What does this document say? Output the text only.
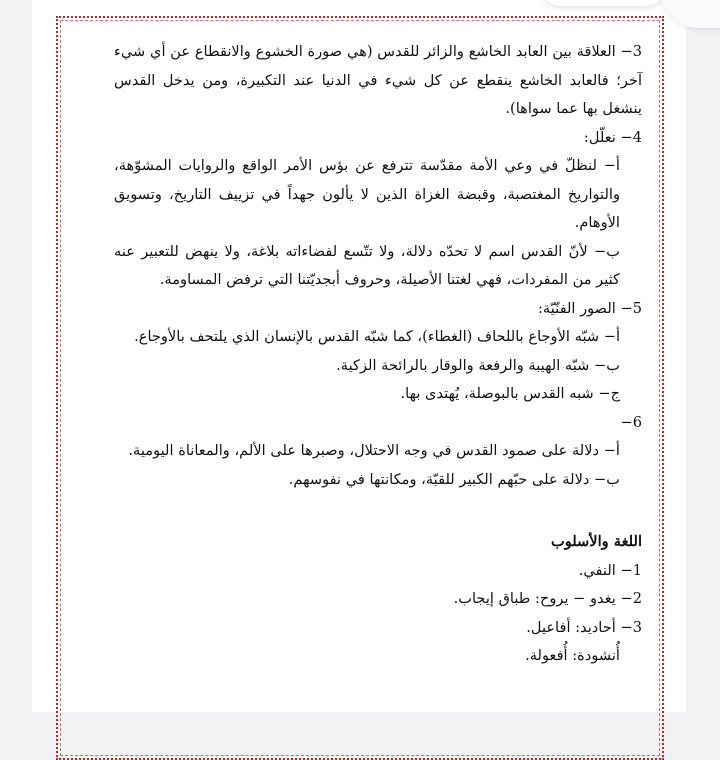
3− العلاقة بين العابد الخاشع والزائر للقدس (هي صورة الخشوع والانقطاع عن أي شيء آخر؛ فالعابد الخاشع ينقطع عن كل شيء في الدنيا عند التكبيرة، ومن يدخل القدس ينشغل بها عما سواها).

4− نعلّل:

أ− لنظلّ في وعي الأمة مقدّسة تترفع عن بؤس الأمر الواقع والروايات المشوّهة، والتواريخ المغتصبة، وقبضة الغزاة الذين لا يألون جهداً في تزييف التاريخ، وتسويق الأوهام.

ب− لأنّ القدس اسم لا تحدّه دلالة، ولا تتّسع لفضاءاته بلاغة، ولا ينهض للتعبير عنه كثير من المفردات، فهي لغتنا الأصيلة، وحروف أبجديّتنا التي ترفض المساومة.

5− الصور الفنّيّة:

أ− شبّه الأوجاع باللحاف (الغطاء)، كما شبّه القدس بالإنسان الذي يلتحف بالأوجاع.

ب− شبّه الهيبة والرفعة والوقار بالرائحة الزكية.

ج− شبه القدس بالبوصلة، يُهتدى بها.

6−

أ− دلالة على صمود القدس في وجه الاحتلال، وصبرها على الألم، والمعاناة اليومية.

ب− دلالة على حبّهم الكبير للقبّة، ومكانتها في نفوسهم.

اللغة والأسلوب

1− النفي.

2− يغدو − يروح: طباق إيجاب.

3− أحاديد: أفاعيل.

أُنشودة: أُفعولة.
